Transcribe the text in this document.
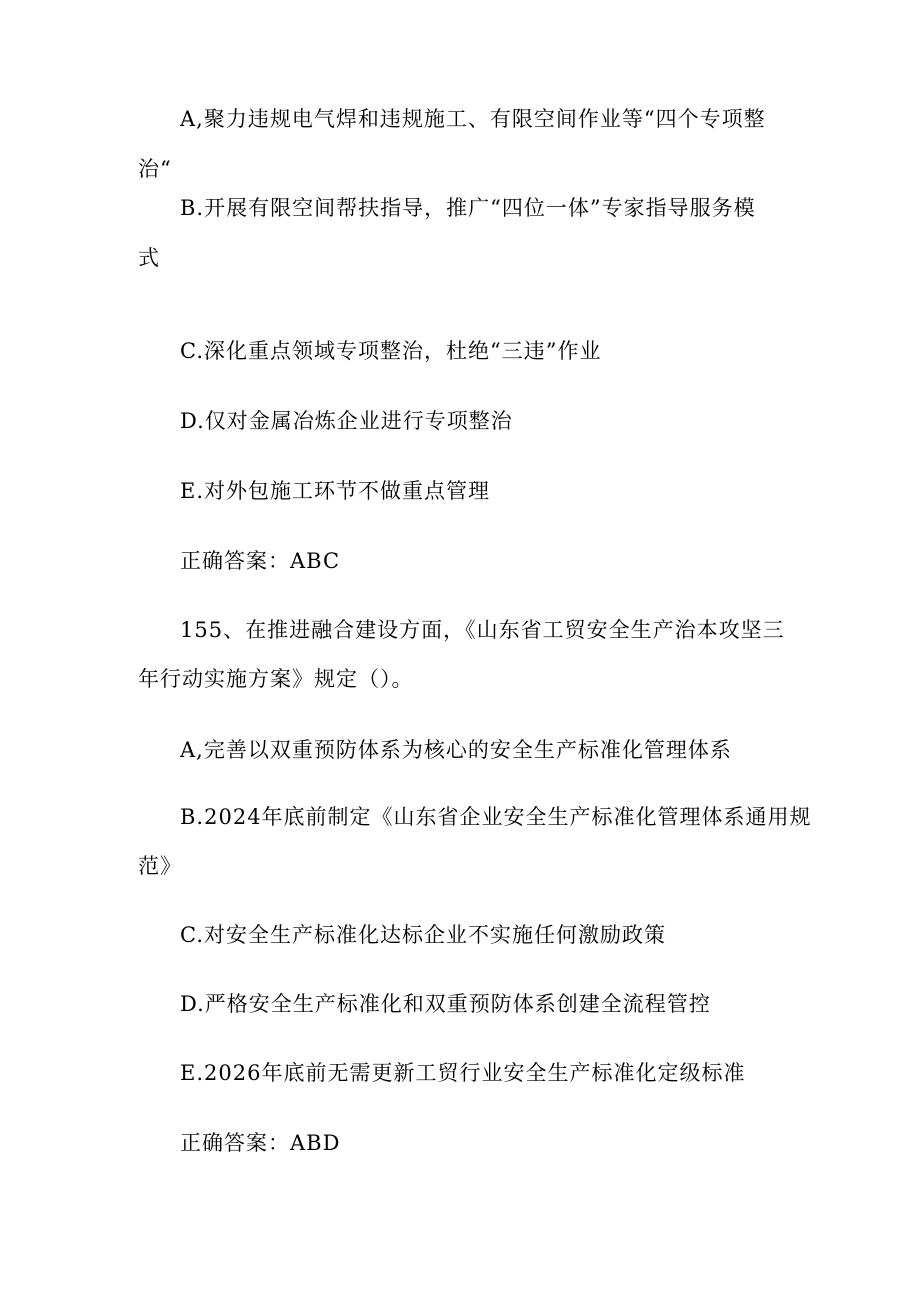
A,聚力违规电气焊和违规施工、有限空间作业等“四个专项整
治“
B.开展有限空间帮扶指导，推广“四位一体”专家指导服务模
式
C.深化重点领域专项整治，杜绝“三违”作业
D.仅对金属冶炼企业进行专项整治
E.对外包施工环节不做重点管理
正确答案：ABC
155、在推进融合建设方面，《山东省工贸安全生产治本攻坚三
年行动实施方案》规定（）。
A,完善以双重预防体系为核心的安全生产标准化管理体系
B.2024年底前制定《山东省企业安全生产标准化管理体系通用规
范》
C.对安全生产标准化达标企业不实施任何激励政策
D.严格安全生产标准化和双重预防体系创建全流程管控
E.2026年底前无需更新工贸行业安全生产标准化定级标准
正确答案：ABD
